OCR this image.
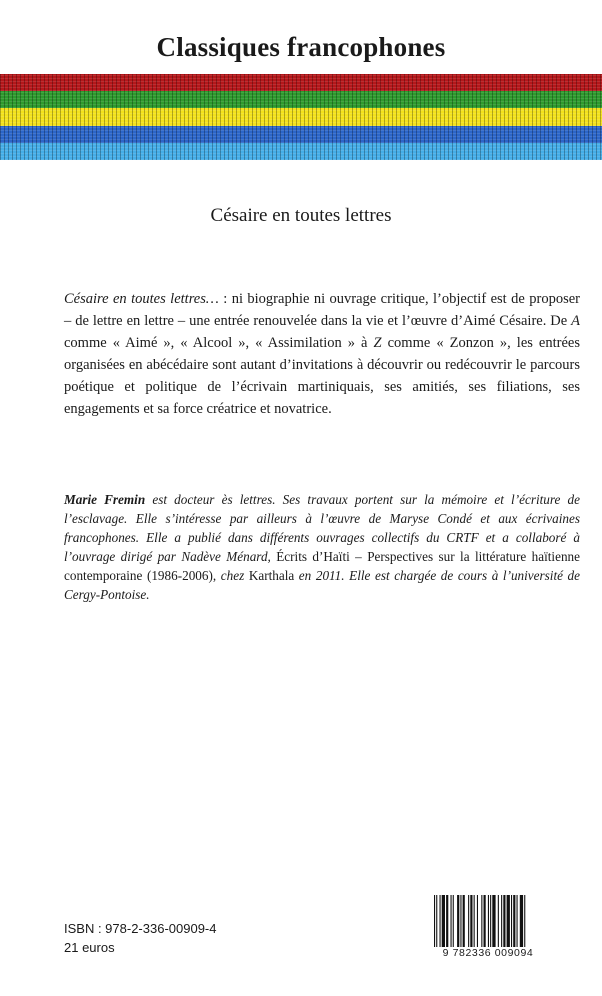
Classiques francophones
Césaire en toutes lettres

Césaire en toutes lettres… : ni biographie ni ouvrage critique, l’objectif est de proposer – de lettre en lettre – une entrée renouvelée dans la vie et l’œuvre d’Aimé Césaire. De A comme « Aimé », « Alcool », « Assimilation » à Z comme « Zonzon », les entrées organisées en abécédaire sont autant d’invitations à découvrir ou redécouvrir le parcours poétique et politique de l’écrivain martiniquais, ses amitiés, ses filiations, ses engagements et sa force créatrice et novatrice.

Marie Fremin est docteur ès lettres. Ses travaux portent sur la mémoire et l’écriture de l’esclavage. Elle s’intéresse par ailleurs à l’œuvre de Maryse Condé et aux écrivaines francophones. Elle a publié dans différents ouvrages collectifs du CRTF et a collaboré à l’ouvrage dirigé par Nadève Ménard, Écrits d’Haïti – Perspectives sur la littérature haïtienne contemporaine (1986-2006), chez Karthala en 2011. Elle est chargée de cours à l’université de Cergy-Pontoise.

ISBN : 978-2-336-00909-4

21 euros	9 782336 009094
